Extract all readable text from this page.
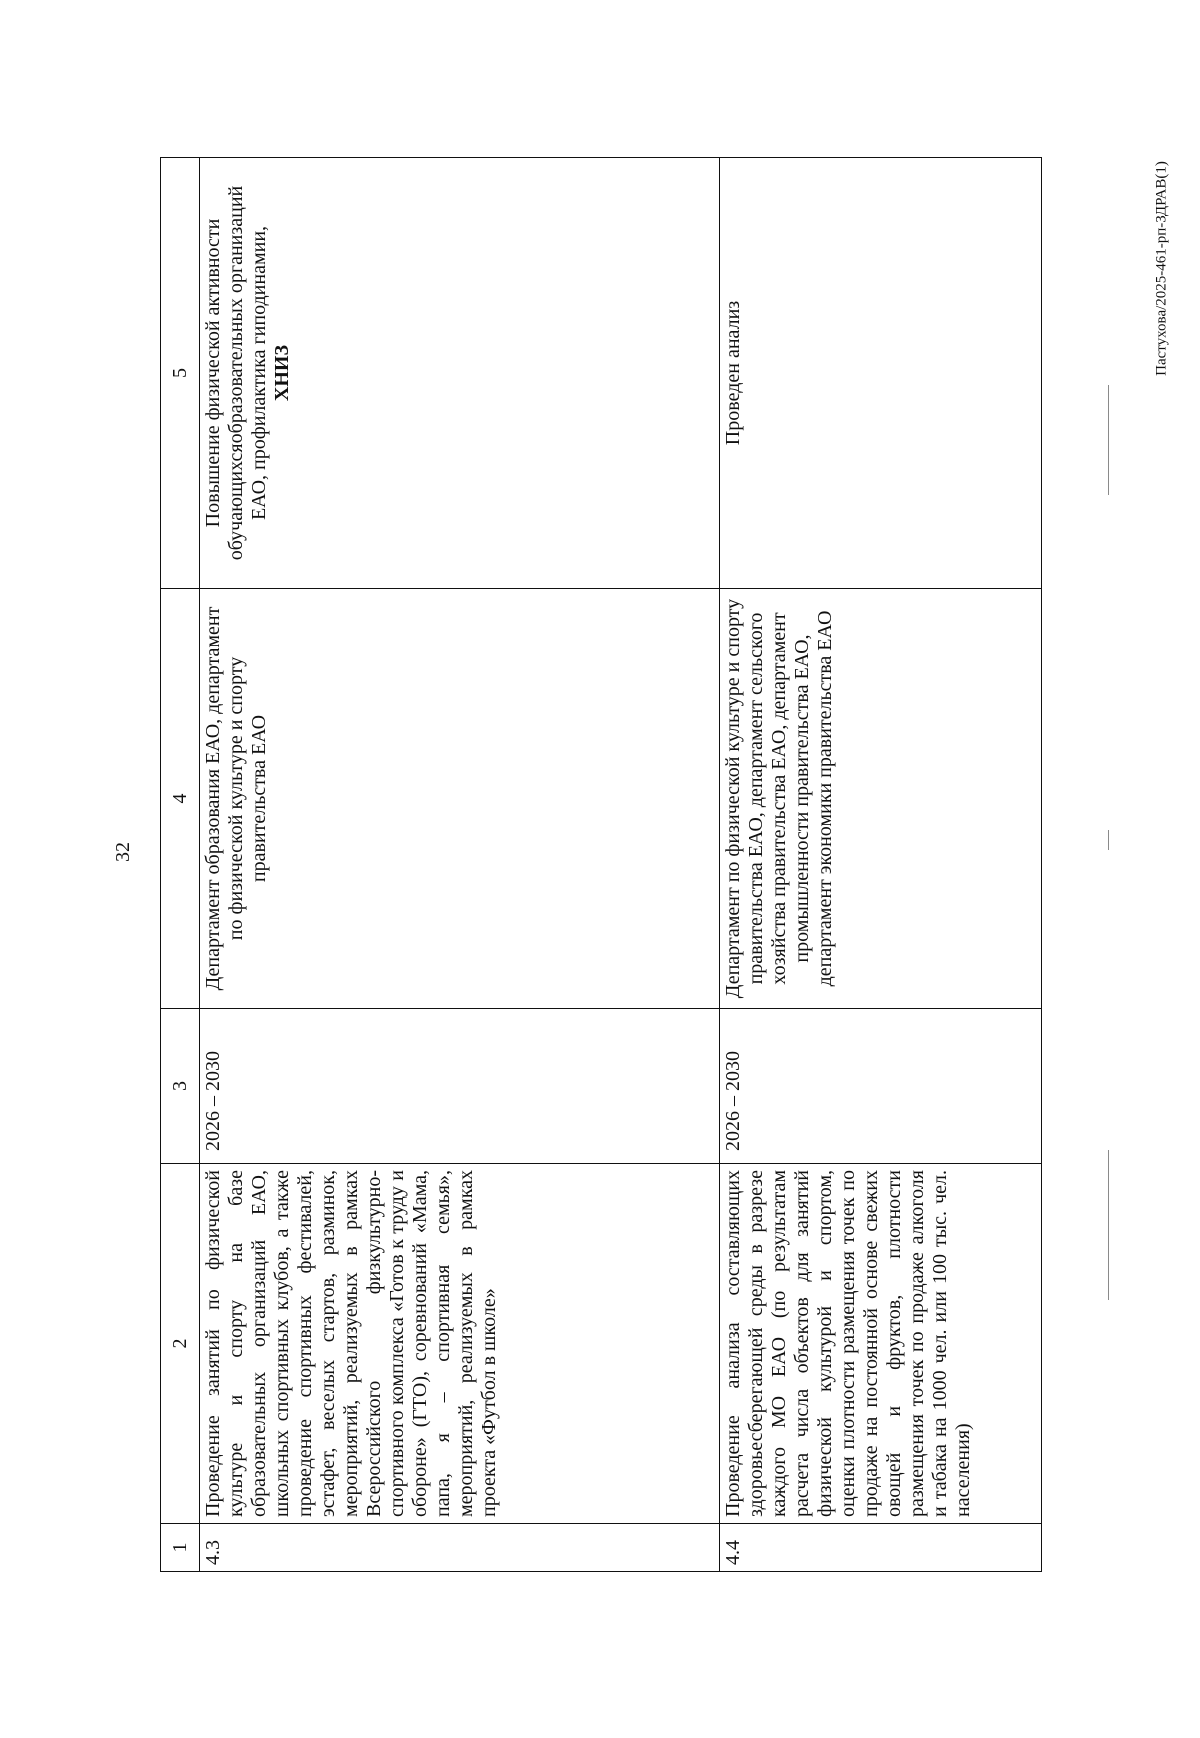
32
Пастухова/2025-461-рп-ЗДРАВ(1)
1	2	3	4	5
4.3	Проведение занятий по физической культуре и спорту на базе образовательных организаций ЕАО, школьных спортивных клубов, а также проведение спортивных фестивалей, эстафет, веселых стартов, разминок, мероприятий, реализуемых в рамках Всероссийского физкультурно-спортивного комплекса «Готов к труду и обороне» (ГТО), соревнований «Мама, папа, я – спортивная семья», мероприятий, реализуемых в рамках проекта «Футбол в школе»	2026 – 2030	Департамент образования ЕАО, департамент по физической культуре и спорту правительства ЕАО	Повышение физической активности обучающихсяобразовательных организаций ЕАО, профилактика гиподинамии,
ХНИЗ
4.4	Проведение анализа составляющих здоровьесберегающей среды в разрезе каждого МО ЕАО (по результатам расчета числа объектов для занятий физической культурой и спортом, оценки плотности размещения точек по продаже на постоянной основе свежих овощей и фруктов, плотности размещения точек по продаже алкоголя и табака на 1000 чел. или 100 тыс. чел. населения)	2026 – 2030	Департамент по физической культуре и спорту правительства ЕАО, департамент сельского хозяйства правительства ЕАО, департамент промышленности правительства ЕАО, департамент экономики правительства ЕАО	Проведен анализ
